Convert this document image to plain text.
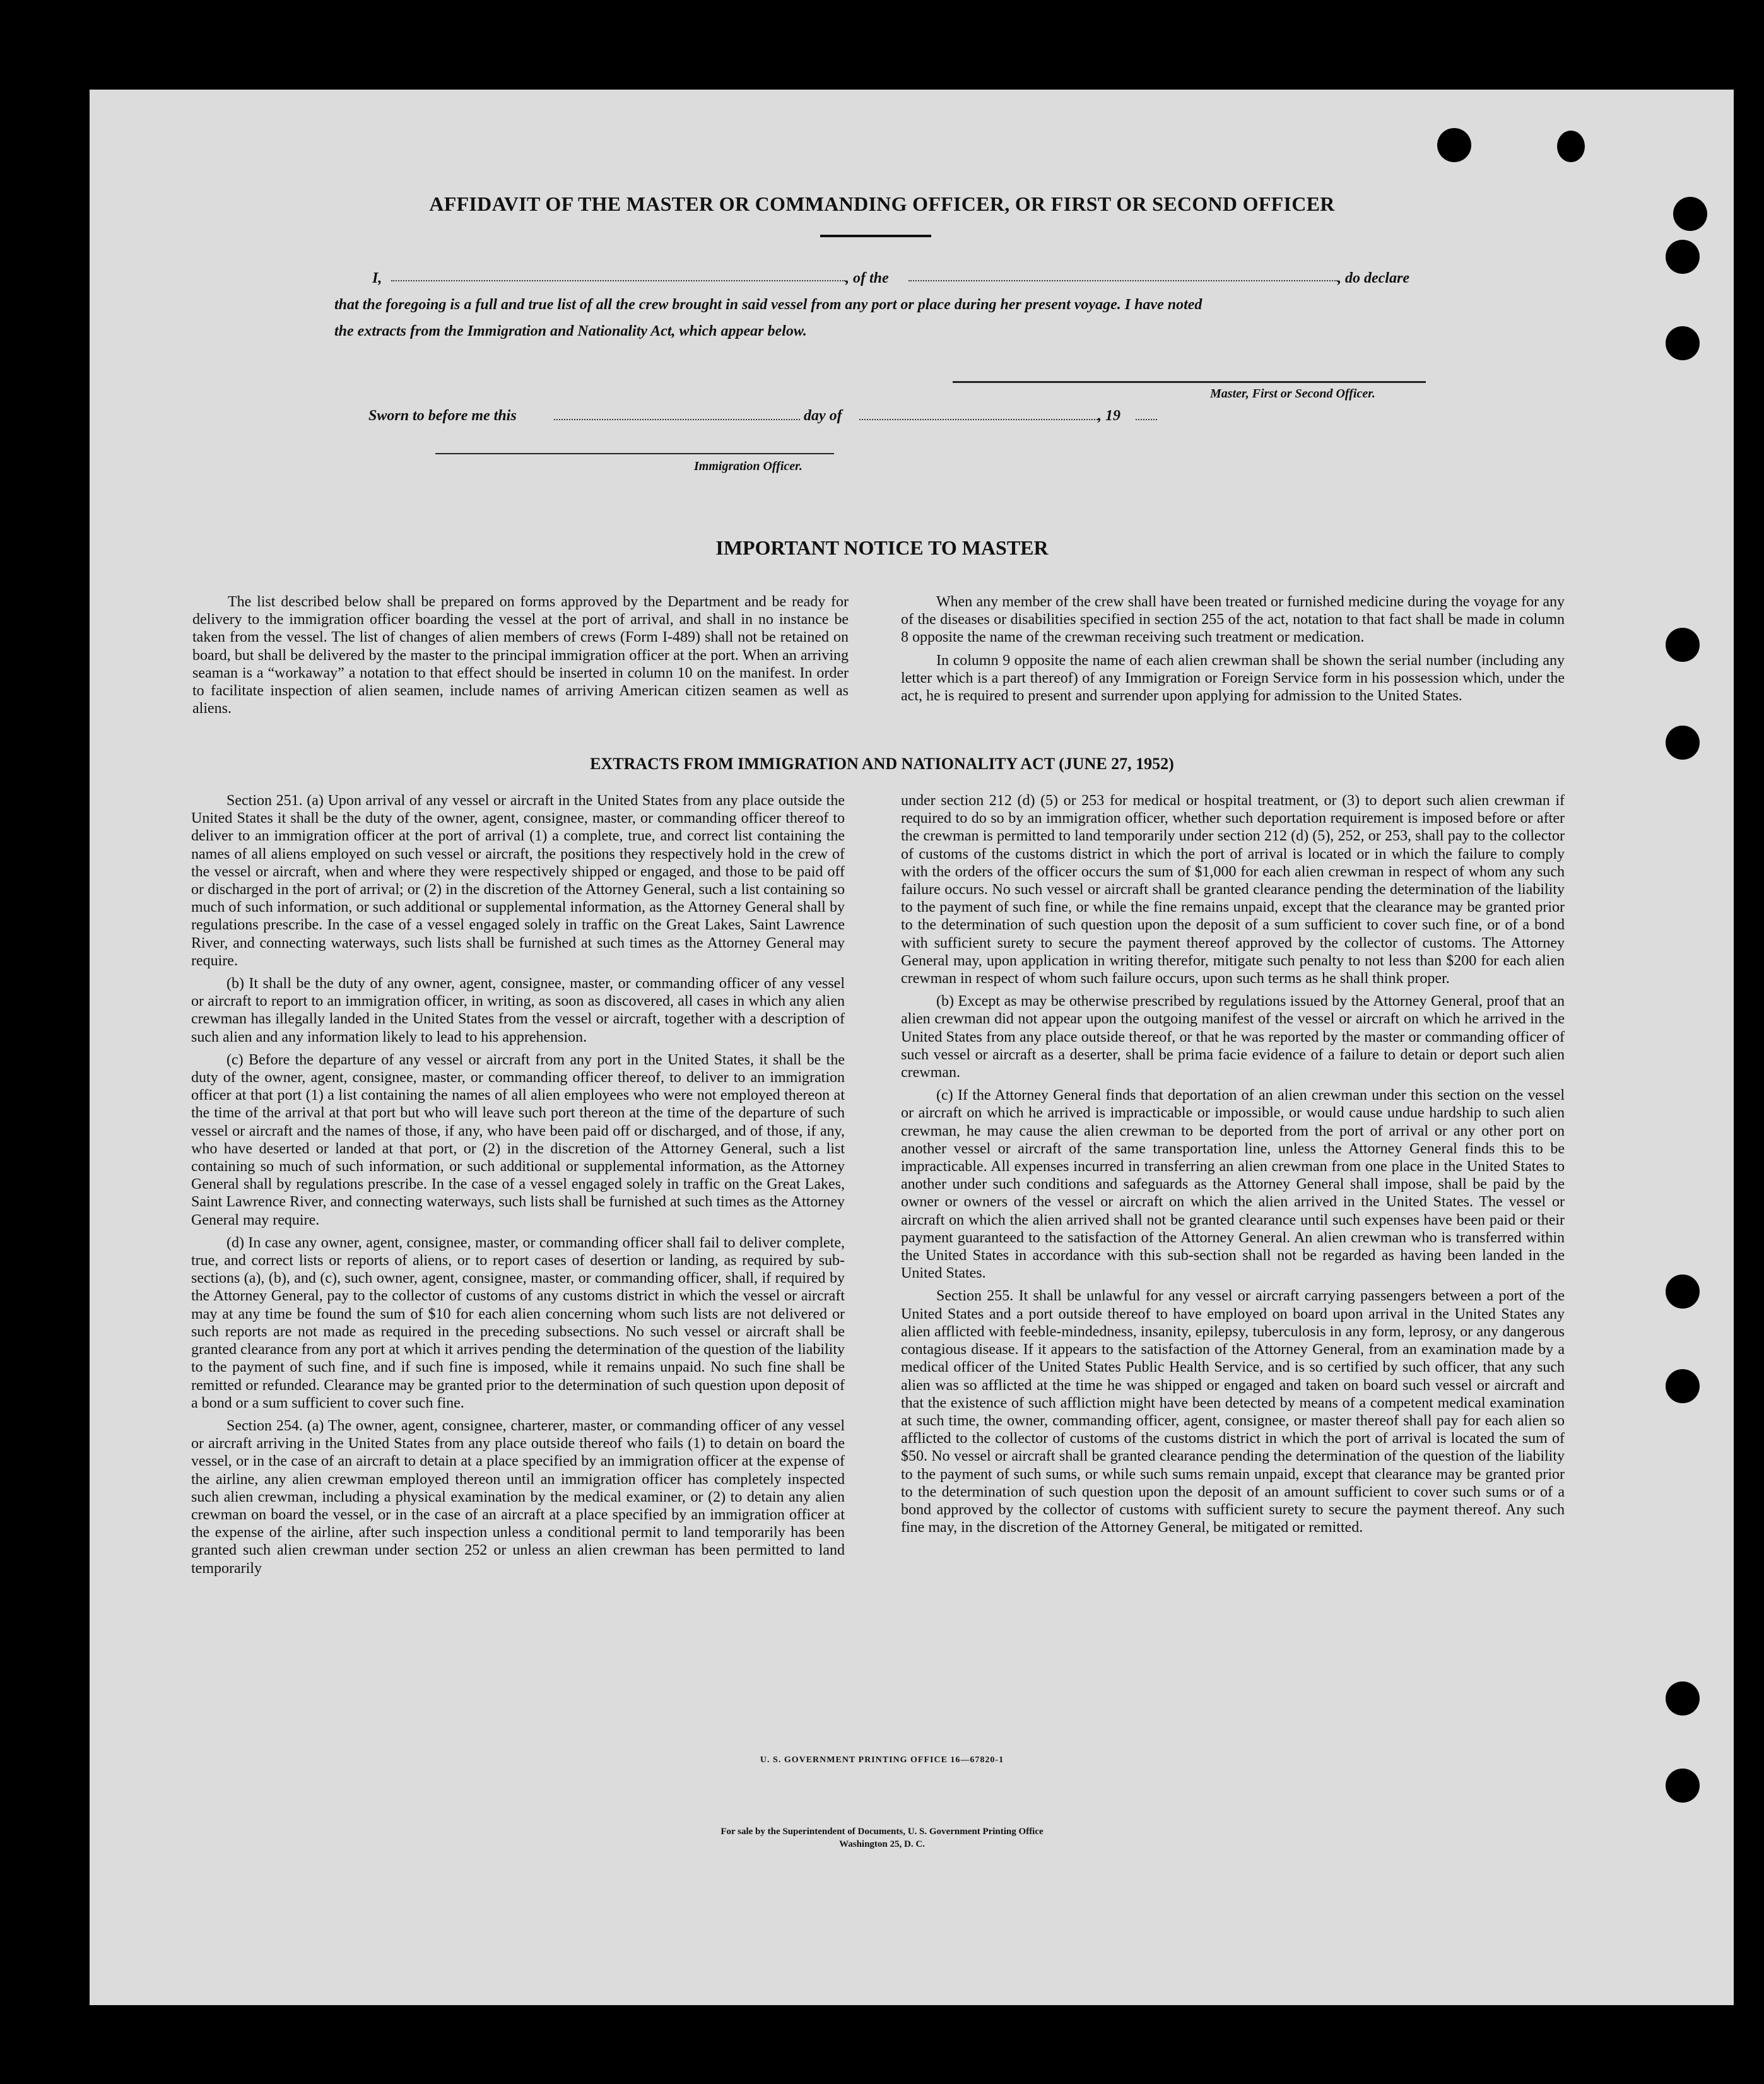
AFFIDAVIT OF THE MASTER OR COMMANDING OFFICER, OR FIRST OR SECOND OFFICER
I,	, of the	, do declare
that the foregoing is a full and true list of all the crew brought in said vessel from any port or place during her present voyage. I have noted
the extracts from the Immigration and Nationality Act, which appear below.
Master, First or Second Officer.
Sworn to before me this	day of	, 19
Immigration Officer.
IMPORTANT NOTICE TO MASTER
The list described below shall be prepared on forms approved by the Department and be ready for delivery to the immigration officer boarding the vessel at the port of arrival, and shall in no instance be taken from the vessel. The list of changes of alien members of crews (Form I-489) shall not be retained on board, but shall be delivered by the master to the principal immigration officer at the port. When an arriving seaman is a “workaway” a notation to that effect should be inserted in column 10 on the manifest. In order to facilitate inspection of alien seamen, include names of arriving American citizen seamen as well as aliens.

When any member of the crew shall have been treated or furnished medicine during the voyage for any of the diseases or disabilities specified in section 255 of the act, notation to that fact shall be made in column 8 opposite the name of the crewman receiving such treatment or medication.

In column 9 opposite the name of each alien crewman shall be shown the serial number (including any letter which is a part thereof) of any Immigration or Foreign Service form in his possession which, under the act, he is required to present and surrender upon applying for admission to the United States.

EXTRACTS FROM IMMIGRATION AND NATIONALITY ACT (JUNE 27, 1952)

Section 251. (a) Upon arrival of any vessel or aircraft in the United States from any place outside the United States it shall be the duty of the owner, agent, consignee, master, or commanding officer thereof to deliver to an immigration officer at the port of arrival (1) a complete, true, and correct list containing the names of all aliens employed on such vessel or aircraft, the positions they respectively hold in the crew of the vessel or aircraft, when and where they were respectively shipped or engaged, and those to be paid off or discharged in the port of arrival; or (2) in the discretion of the Attorney General, such a list containing so much of such information, or such additional or supplemental information, as the Attorney General shall by regulations prescribe. In the case of a vessel engaged solely in traffic on the Great Lakes, Saint Lawrence River, and connecting waterways, such lists shall be furnished at such times as the Attorney General may require.

(b) It shall be the duty of any owner, agent, consignee, master, or commanding officer of any vessel or aircraft to report to an immigration officer, in writing, as soon as discovered, all cases in which any alien crewman has illegally landed in the United States from the vessel or aircraft, together with a description of such alien and any information likely to lead to his apprehension.

(c) Before the departure of any vessel or aircraft from any port in the United States, it shall be the duty of the owner, agent, consignee, master, or commanding officer thereof, to deliver to an immigration officer at that port (1) a list containing the names of all alien employees who were not employed thereon at the time of the arrival at that port but who will leave such port thereon at the time of the departure of such vessel or aircraft and the names of those, if any, who have been paid off or discharged, and of those, if any, who have deserted or landed at that port, or (2) in the discretion of the Attorney General, such a list containing so much of such information, or such additional or supplemental information, as the Attorney General shall by regulations prescribe. In the case of a vessel engaged solely in traffic on the Great Lakes, Saint Lawrence River, and connecting waterways, such lists shall be furnished at such times as the Attorney General may require.

(d) In case any owner, agent, consignee, master, or commanding officer shall fail to deliver complete, true, and correct lists or reports of aliens, or to report cases of desertion or landing, as required by sub-sections (a), (b), and (c), such owner, agent, consignee, master, or commanding officer, shall, if required by the Attorney General, pay to the collector of customs of any customs district in which the vessel or aircraft may at any time be found the sum of $10 for each alien concerning whom such lists are not delivered or such reports are not made as required in the preceding subsections. No such vessel or aircraft shall be granted clearance from any port at which it arrives pending the determination of the question of the liability to the payment of such fine, and if such fine is imposed, while it remains unpaid. No such fine shall be remitted or refunded. Clearance may be granted prior to the determination of such question upon deposit of a bond or a sum sufficient to cover such fine.

Section 254. (a) The owner, agent, consignee, charterer, master, or commanding officer of any vessel or aircraft arriving in the United States from any place outside thereof who fails (1) to detain on board the vessel, or in the case of an aircraft to detain at a place specified by an immigration officer at the expense of the airline, any alien crewman employed thereon until an immigration officer has completely inspected such alien crewman, including a physical examination by the medical examiner, or (2) to detain any alien crewman on board the vessel, or in the case of an aircraft at a place specified by an immigration officer at the expense of the airline, after such inspection unless a conditional permit to land temporarily has been granted such alien crewman under section 252 or unless an alien crewman has been permitted to land temporarily

under section 212 (d) (5) or 253 for medical or hospital treatment, or (3) to deport such alien crewman if required to do so by an immigration officer, whether such deportation requirement is imposed before or after the crewman is permitted to land temporarily under section 212 (d) (5), 252, or 253, shall pay to the collector of customs of the customs district in which the port of arrival is located or in which the failure to comply with the orders of the officer occurs the sum of $1,000 for each alien crewman in respect of whom any such failure occurs. No such vessel or aircraft shall be granted clearance pending the determination of the liability to the payment of such fine, or while the fine remains unpaid, except that the clearance may be granted prior to the determination of such question upon the deposit of a sum sufficient to cover such fine, or of a bond with sufficient surety to secure the payment thereof approved by the collector of customs. The Attorney General may, upon application in writing therefor, mitigate such penalty to not less than $200 for each alien crewman in respect of whom such failure occurs, upon such terms as he shall think proper.

(b) Except as may be otherwise prescribed by regulations issued by the Attorney General, proof that an alien crewman did not appear upon the outgoing manifest of the vessel or aircraft on which he arrived in the United States from any place outside thereof, or that he was reported by the master or commanding officer of such vessel or aircraft as a deserter, shall be prima facie evidence of a failure to detain or deport such alien crewman.

(c) If the Attorney General finds that deportation of an alien crewman under this section on the vessel or aircraft on which he arrived is impracticable or impossible, or would cause undue hardship to such alien crewman, he may cause the alien crewman to be deported from the port of arrival or any other port on another vessel or aircraft of the same transportation line, unless the Attorney General finds this to be impracticable. All expenses incurred in transferring an alien crewman from one place in the United States to another under such conditions and safeguards as the Attorney General shall impose, shall be paid by the owner or owners of the vessel or aircraft on which the alien arrived in the United States. The vessel or aircraft on which the alien arrived shall not be granted clearance until such expenses have been paid or their payment guaranteed to the satisfaction of the Attorney General. An alien crewman who is transferred within the United States in accordance with this sub-section shall not be regarded as having been landed in the United States.

Section 255. It shall be unlawful for any vessel or aircraft carrying passengers between a port of the United States and a port outside thereof to have employed on board upon arrival in the United States any alien afflicted with feeble-mindedness, insanity, epilepsy, tuberculosis in any form, leprosy, or any dangerous contagious disease. If it appears to the satisfaction of the Attorney General, from an examination made by a medical officer of the United States Public Health Service, and is so certified by such officer, that any such alien was so afflicted at the time he was shipped or engaged and taken on board such vessel or aircraft and that the existence of such affliction might have been detected by means of a competent medical examination at such time, the owner, commanding officer, agent, consignee, or master thereof shall pay for each alien so afflicted to the collector of customs of the customs district in which the port of arrival is located the sum of $50. No vessel or aircraft shall be granted clearance pending the determination of the question of the liability to the payment of such sums, or while such sums remain unpaid, except that clearance may be granted prior to the determination of such question upon the deposit of an amount sufficient to cover such sums or of a bond approved by the collector of customs with sufficient surety to secure the payment thereof. Any such fine may, in the discretion of the Attorney General, be mitigated or remitted.

U. S. GOVERNMENT PRINTING OFFICE 16—67820-1
For sale by the Superintendent of Documents, U. S. Government Printing Office
Washington 25, D. C.
